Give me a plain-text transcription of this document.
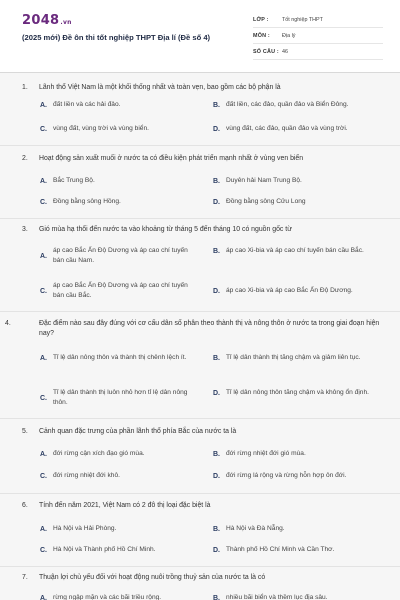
2048.vn
(2025 mới) Đề ôn thi tốt nghiệp THPT Địa lí (Đề số 4)
LỚP :	Tốt nghiệp THPT
MÔN :	Địa lý
SỐ CÂU : 46
1. Lãnh thổ Việt Nam là một khối thống nhất và toàn vẹn, bao gồm các bộ phận là
A. đất liền và các hải đảo.	B. đất liền, các đảo, quần đảo và Biển Đông.
C. vùng đất, vùng trời và vùng biển.	D. vùng đất, các đảo, quần đảo và vùng trời.
2. Hoạt động sản xuất muối ở nước ta có điều kiện phát triển mạnh nhất ở vùng ven biển
A. Bắc Trung Bộ.	B. Duyên hải Nam Trung Bộ.
C. Đồng bằng sông Hồng.	D. Đồng bằng sông Cửu Long
3. Gió mùa hạ thổi đến nước ta vào khoảng từ tháng 5 đến tháng 10 có nguồn gốc từ
A.
áp cao Bắc Ấn Độ Dương và áp cao chí tuyến bán cầu Nam.
B. áp cao Xi-bia và áp cao chí tuyến bán cầu Bắc.
C.
áp cao Bắc Ấn Độ Dương và áp cao chí tuyến bán cầu Bắc.
D. áp cao Xi-bia và áp cao Bắc Ấn Độ Dương.
4.	Đặc điểm nào sau đây đúng với cơ cấu dân số phân theo thành thị và nông thôn ở nước ta trong giai đoạn hiện nay?
A. Tỉ lệ dân nông thôn và thành thị chênh lệch ít.	B. Tỉ lệ dân thành thị tăng chậm và giảm liên tục.
C.
Tỉ lệ dân thành thị luôn nhỏ hơn tỉ lệ dân nông thôn.
D. Tỉ lệ dân nông thôn tăng chậm và không ổn định.
5. Cảnh quan đặc trưng của phần lãnh thổ phía Bắc của nước ta là
A. đới rừng cận xích đạo gió mùa.	B. đới rừng nhiệt đới gió mùa.
C. đới rừng nhiệt đới khô.	D. đới rừng lá rộng và rừng hỗn hợp ôn đới.
6. Tính đến năm 2021, Việt Nam có 2 đô thị loại đặc biệt là
A. Hà Nội và Hải Phòng.	B. Hà Nội và Đà Nẵng.
C. Hà Nội và Thành phố Hồ Chí Minh.	D. Thành phố Hồ Chí Minh và Cần Thơ.
7. Thuận lợi chủ yếu đối với hoạt động nuôi trồng thuỷ sản của nước ta là có
A. rừng ngập mặn và các bãi triều rộng.	B. nhiều bãi biển và thềm lục địa sâu.
